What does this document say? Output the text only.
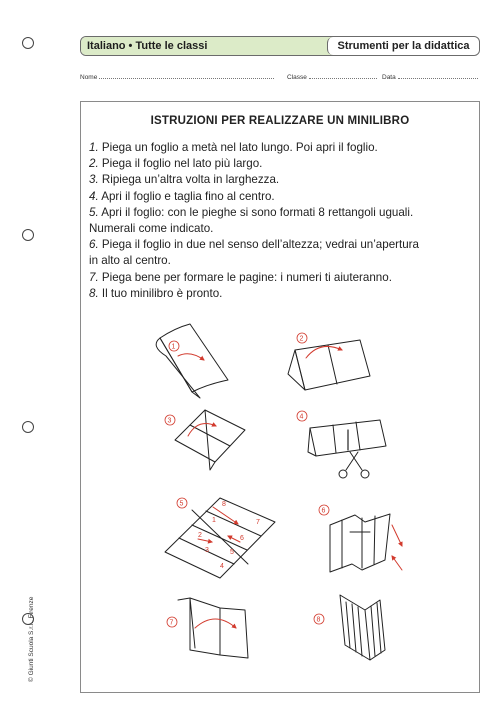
Italiano • Tutte le classi	Strumenti per la didattica
Nome	Classe	Data
ISTRUZIONI PER REALIZZARE UN MINILIBRO
1. Piega un foglio a metà nel lato lungo. Poi apri il foglio.
2. Piega il foglio nel lato più largo.
3. Ripiega un’altra volta in larghezza.
4. Apri il foglio e taglia fino al centro.
5. Apri il foglio: con le pieghe si sono formati 8 rettangoli uguali.
Numerali come indicato.
6. Piega il foglio in due nel senso dell’altezza; vedrai un’apertura
in alto al centro.
7. Piega bene per formare le pagine: i numeri ti aiuteranno.
8. Il tuo minilibro è pronto.
1
2
3
4
8
1
2
3
4
5
6
7
5
6
7	8
© Giunti Scuola S.r.l., Firenze
